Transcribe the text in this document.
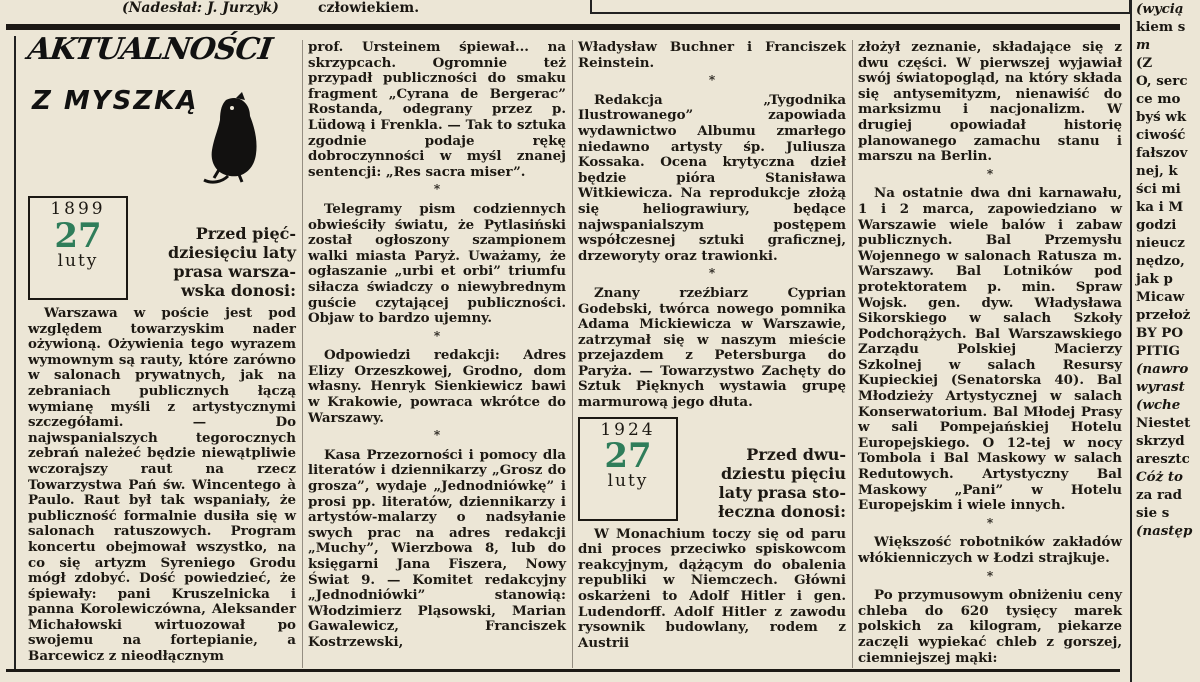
(Nadesłał: J. Jurzyk)	człowiekiem.
AKTUALNOŚCI
Z MYSZKĄ
1899
27
luty
Przed pięć-
dziesięciu laty
prasa warsza-
wska donosi:

Warszawa w poście jest pod względem towarzyskim nader ożywioną. Ożywienia tego wyrazem wymownym są rauty, które zarówno w salonach prywatnych, jak na zebraniach publicznych łączą wymianę myśli z artystycznymi szczegółami. — Do najwspanialszych tegorocznych zebrań należeć będzie niewątpliwie wczorajszy raut na rzecz Towarzystwa Pań św. Wincentego à Paulo. Raut był tak wspaniały, że publiczność formalnie dusiła się w salonach ratuszowych. Program koncertu obejmował wszystko, na co się artyzm Syreniego Grodu mógł zdobyć. Dość powiedzieć, że śpiewały: pani Kruszelnicka i panna Korolewiczówna, Aleksander Michałowski wirtuozował po swojemu na fortepianie, a Barcewicz z nieodłącznym

prof. Ursteinem śpiewał... na skrzypcach. Ogromnie też przypadł publiczności do smaku fragment „Cyrana de Bergerac” Rostanda, odegrany przez p. Lüdową i Frenkla. — Tak to sztuka zgodnie podaje rękę dobroczynności w myśl znanej sentencji: „Res sacra miser”.

*

Telegramy pism codziennych obwieściły światu, że Pytlasiński został ogłoszony szampionem walki miasta Paryż. Uważamy, że ogłaszanie „urbi et orbi” triumfu siłacza świadczy o niewybrednym guście czytającej publiczności. Objaw to bardzo ujemny.

*

Odpowiedzi redakcji: Adres Elizy Orzeszkowej, Grodno, dom własny. Henryk Sienkiewicz bawi w Krakowie, powraca wkrótce do Warszawy.

*

Kasa Przezorności i pomocy dla literatów i dziennikarzy „Grosz do grosza”, wydaje „Jednodniówkę” i prosi pp. literatów, dziennikarzy i artystów-malarzy o nadsyłanie swych prac na adres redakcji „Muchy”, Wierzbowa 8, lub do księgarni Jana Fiszera, Nowy Świat 9. — Komitet redakcyjny „Jednodniówki” stanowią: Włodzimierz Pląsowski, Marian Gawalewicz, Franciszek Kostrzewski,

Władysław Buchner i Franciszek Reinstein.

*

Redakcja „Tygodnika Ilustrowanego” zapowiada wydawnictwo Albumu zmarłego niedawno artysty śp. Juliusza Kossaka. Ocena krytyczna dzieł będzie pióra Stanisława Witkiewicza. Na reprodukcje złożą się heliograwiury, będące najwspanialszym postępem współczesnej sztuki graficznej, drzeworyty oraz trawionki.

*

Znany rzeźbiarz Cyprian Godebski, twórca nowego pomnika Adama Mickiewicza w Warszawie, zatrzymał się w naszym mieście przejazdem z Petersburga do Paryża. — Towarzystwo Zachęty do Sztuk Pięknych wystawia grupę marmurową jego dłuta.

1924
27
luty
Przed dwu-
dziestu pięciu
laty prasa sto-
łeczna donosi:

W Monachium toczy się od paru dni proces przeciwko spiskowcom reakcyjnym, dążącym do obalenia republiki w Niemczech. Główni oskarżeni to Adolf Hitler i gen. Ludendorff. Adolf Hitler z zawodu rysownik budowlany, rodem z Austrii

złożył zeznanie, składające się z dwu części. W pierwszej wyjawiał swój światopogląd, na który składa się antysemityzm, nienawiść do marksizmu i nacjonalizm. W drugiej opowiadał historię planowanego zamachu stanu i marszu na Berlin.

*

Na ostatnie dwa dni karnawału, 1 i 2 marca, zapowiedziano w Warszawie wiele balów i zabaw publicznych. Bal Przemysłu Wojennego w salonach Ratusza m. Warszawy. Bal Lotników pod protektoratem p. min. Spraw Wojsk. gen. dyw. Władysława Sikorskiego w salach Szkoły Podchorążych. Bal Warszawskiego Zarządu Polskiej Macierzy Szkolnej w salach Resursy Kupieckiej (Senatorska 40). Bal Młodzieży Artystycznej w salach Konserwatorium. Bal Młodej Prasy w sali Pompejańskiej Hotelu Europejskiego. O 12-tej w nocy Tombola i Bal Maskowy w salach Redutowych. Artystyczny Bal Maskowy „Pani” w Hotelu Europejskim i wiele innych.

*

Większość robotników zakładów włókienniczych w Łodzi strajkuje.

*

Po przymusowym obniżeniu ceny chleba do 620 tysięcy marek polskich za kilogram, piekarze zaczęli wypiekać chleb z gorszej, ciemniejszej mąki:

(wycią
kiem s
m
(Z
O, serc
ce mo
byś wk
ciwość
fałszov
nej, k
ści mi
ka i M
godzi
nieucz
nędzo,
jak p
Micaw
przełoż
BY PO
PITIG
(nawro
wyrast
(wche
Niestet
skrzyd
aresztc
Cóż to
za rad
sie s
(następ
